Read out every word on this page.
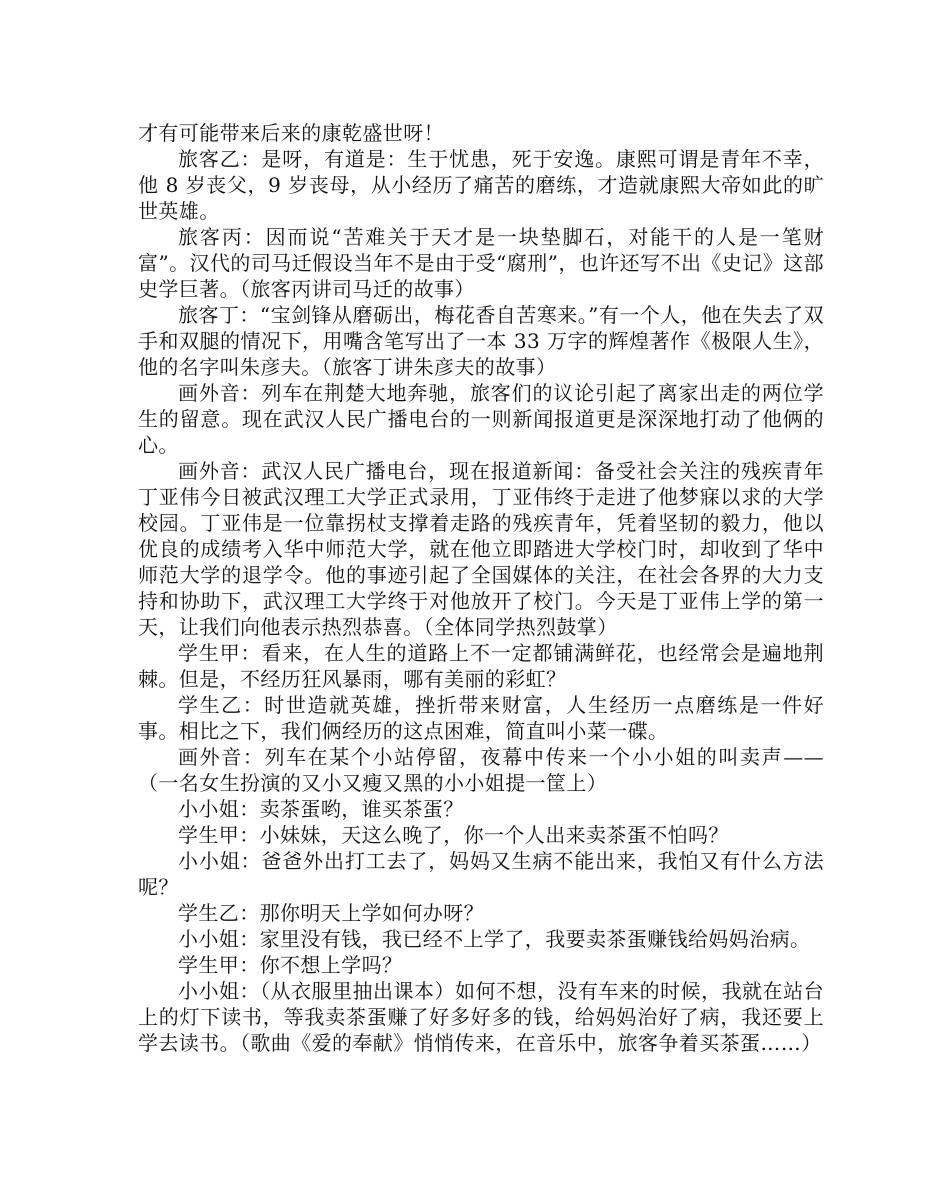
才有可能带来后来的康乾盛世呀！

旅客乙：是呀，有道是：生于忧患，死于安逸。康熙可谓是青年不幸，他 8 岁丧父，9 岁丧母，从小经历了痛苦的磨练，才造就康熙大帝如此的旷世英雄。

旅客丙：因而说“苦难关于天才是一块垫脚石，对能干的人是一笔财富”。汉代的司马迁假设当年不是由于受“腐刑”，也许还写不出《史记》这部史学巨著。（旅客丙讲司马迁的故事）

旅客丁：“宝剑锋从磨砺出，梅花香自苦寒来。”有一个人，他在失去了双手和双腿的情况下，用嘴含笔写出了一本 33 万字的辉煌著作《极限人生》，他的名字叫朱彦夫。（旅客丁讲朱彦夫的故事）

画外音：列车在荆楚大地奔驰，旅客们的议论引起了离家出走的两位学生的留意。现在武汉人民广播电台的一则新闻报道更是深深地打动了他俩的心。

画外音：武汉人民广播电台，现在报道新闻：备受社会关注的残疾青年丁亚伟今日被武汉理工大学正式录用，丁亚伟终于走进了他梦寐以求的大学校园。丁亚伟是一位靠拐杖支撑着走路的残疾青年，凭着坚韧的毅力，他以优良的成绩考入华中师范大学，就在他立即踏进大学校门时，却收到了华中师范大学的退学令。他的事迹引起了全国媒体的关注，在社会各界的大力支持和协助下，武汉理工大学终于对他放开了校门。今天是丁亚伟上学的第一天，让我们向他表示热烈恭喜。（全体同学热烈鼓掌）

学生甲：看来，在人生的道路上不一定都铺满鲜花，也经常会是遍地荆棘。但是，不经历狂风暴雨，哪有美丽的彩虹？

学生乙：时世造就英雄，挫折带来财富，人生经历一点磨练是一件好事。相比之下，我们俩经历的这点困难，简直叫小菜一碟。

画外音：列车在某个小站停留，夜幕中传来一个小小姐的叫卖声——（一名女生扮演的又小又瘦又黑的小小姐提一筐上）

小小姐：卖茶蛋哟，谁买茶蛋？

学生甲：小妹妹，天这么晚了，你一个人出来卖茶蛋不怕吗？

小小姐：爸爸外出打工去了，妈妈又生病不能出来，我怕又有什么方法呢？

学生乙：那你明天上学如何办呀？

小小姐：家里没有钱，我已经不上学了，我要卖茶蛋赚钱给妈妈治病。

学生甲：你不想上学吗？

小小姐：（从衣服里抽出课本）如何不想，没有车来的时候，我就在站台上的灯下读书，等我卖茶蛋赚了好多好多的钱，给妈妈治好了病，我还要上学去读书。（歌曲《爱的奉献》悄悄传来，在音乐中，旅客争着买茶蛋……）
